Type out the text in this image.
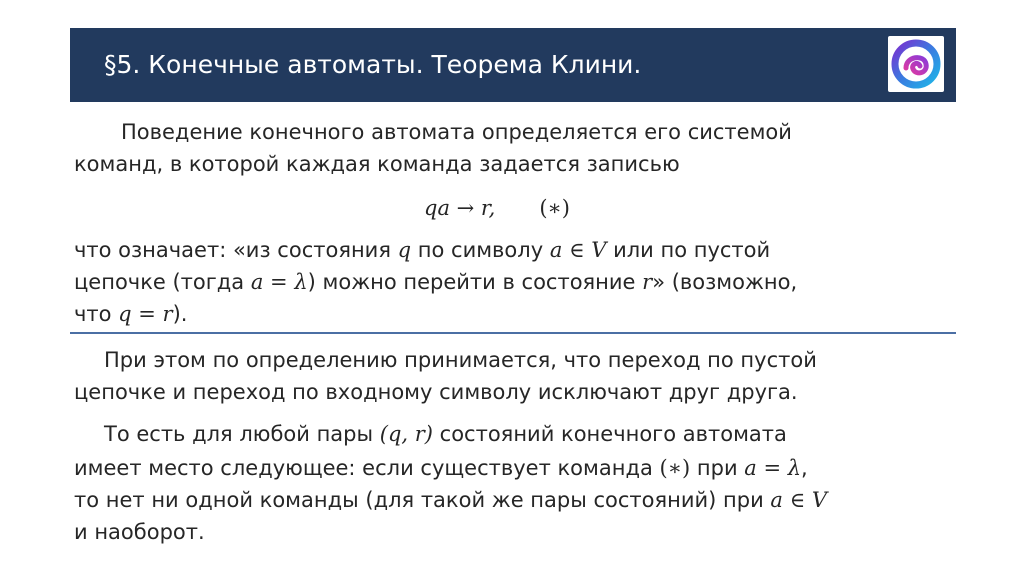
§5. Конечные автоматы. Теорема Клини.
Поведение конечного автомата определяется его системой
команд, в которой каждая команда задается записью
qa → r, (∗)
что означает: «из состояния q по символу a ∈ V или по пустой
цепочке (тогда a = λ) можно перейти в состояние r» (возможно,
что q = r).
При этом по определению принимается, что переход по пустой
цепочке и переход по входному символу исключают друг друга.
То есть для любой пары (q, r) состояний конечного автомата
имеет место следующее: если существует команда (∗) при a = λ,
то нет ни одной команды (для такой же пары состояний) при a ∈ V
и наоборот.
